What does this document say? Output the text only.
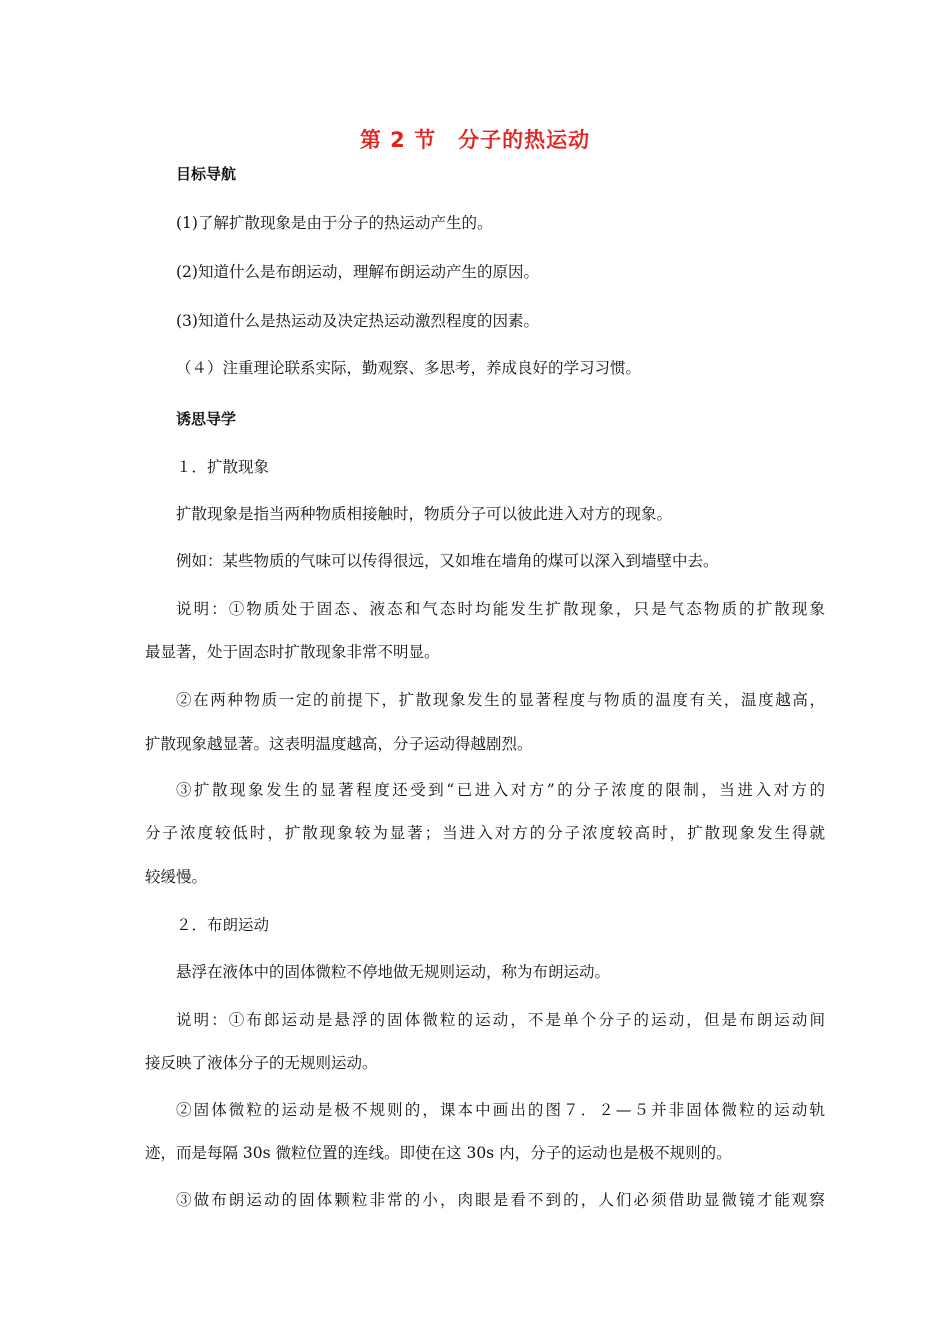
第 2 节　分子的热运动
目标导航
(1)了解扩散现象是由于分子的热运动产生的。
(2)知道什么是布朗运动，理解布朗运动产生的原因。
(3)知道什么是热运动及决定热运动激烈程度的因素。
（４）注重理论联系实际，勤观察、多思考，养成良好的学习习惯。
诱思导学
１．扩散现象
扩散现象是指当两种物质相接触时，物质分子可以彼此进入对方的现象。
例如：某些物质的气味可以传得很远，又如堆在墙角的煤可以深入到墙壁中去。
说明：①物质处于固态、液态和气态时均能发生扩散现象，只是气态物质的扩散现象
最显著，处于固态时扩散现象非常不明显。
②在两种物质一定的前提下，扩散现象发生的显著程度与物质的温度有关，温度越高，
扩散现象越显著。这表明温度越高，分子运动得越剧烈。
③扩散现象发生的显著程度还受到“已进入对方”的分子浓度的限制，当进入对方的
分子浓度较低时，扩散现象较为显著；当进入对方的分子浓度较高时，扩散现象发生得就
较缓慢。
２．布朗运动
悬浮在液体中的固体微粒不停地做无规则运动，称为布朗运动。
说明：①布郎运动是悬浮的固体微粒的运动，不是单个分子的运动，但是布朗运动间
接反映了液体分子的无规则运动。
②固体微粒的运动是极不规则的，课本中画出的图７．２—５并非固体微粒的运动轨
迹，而是每隔 30s 微粒位置的连线。即使在这 30s 内，分子的运动也是极不规则的。
③做布朗运动的固体颗粒非常的小，肉眼是看不到的，人们必须借助显微镜才能观察
